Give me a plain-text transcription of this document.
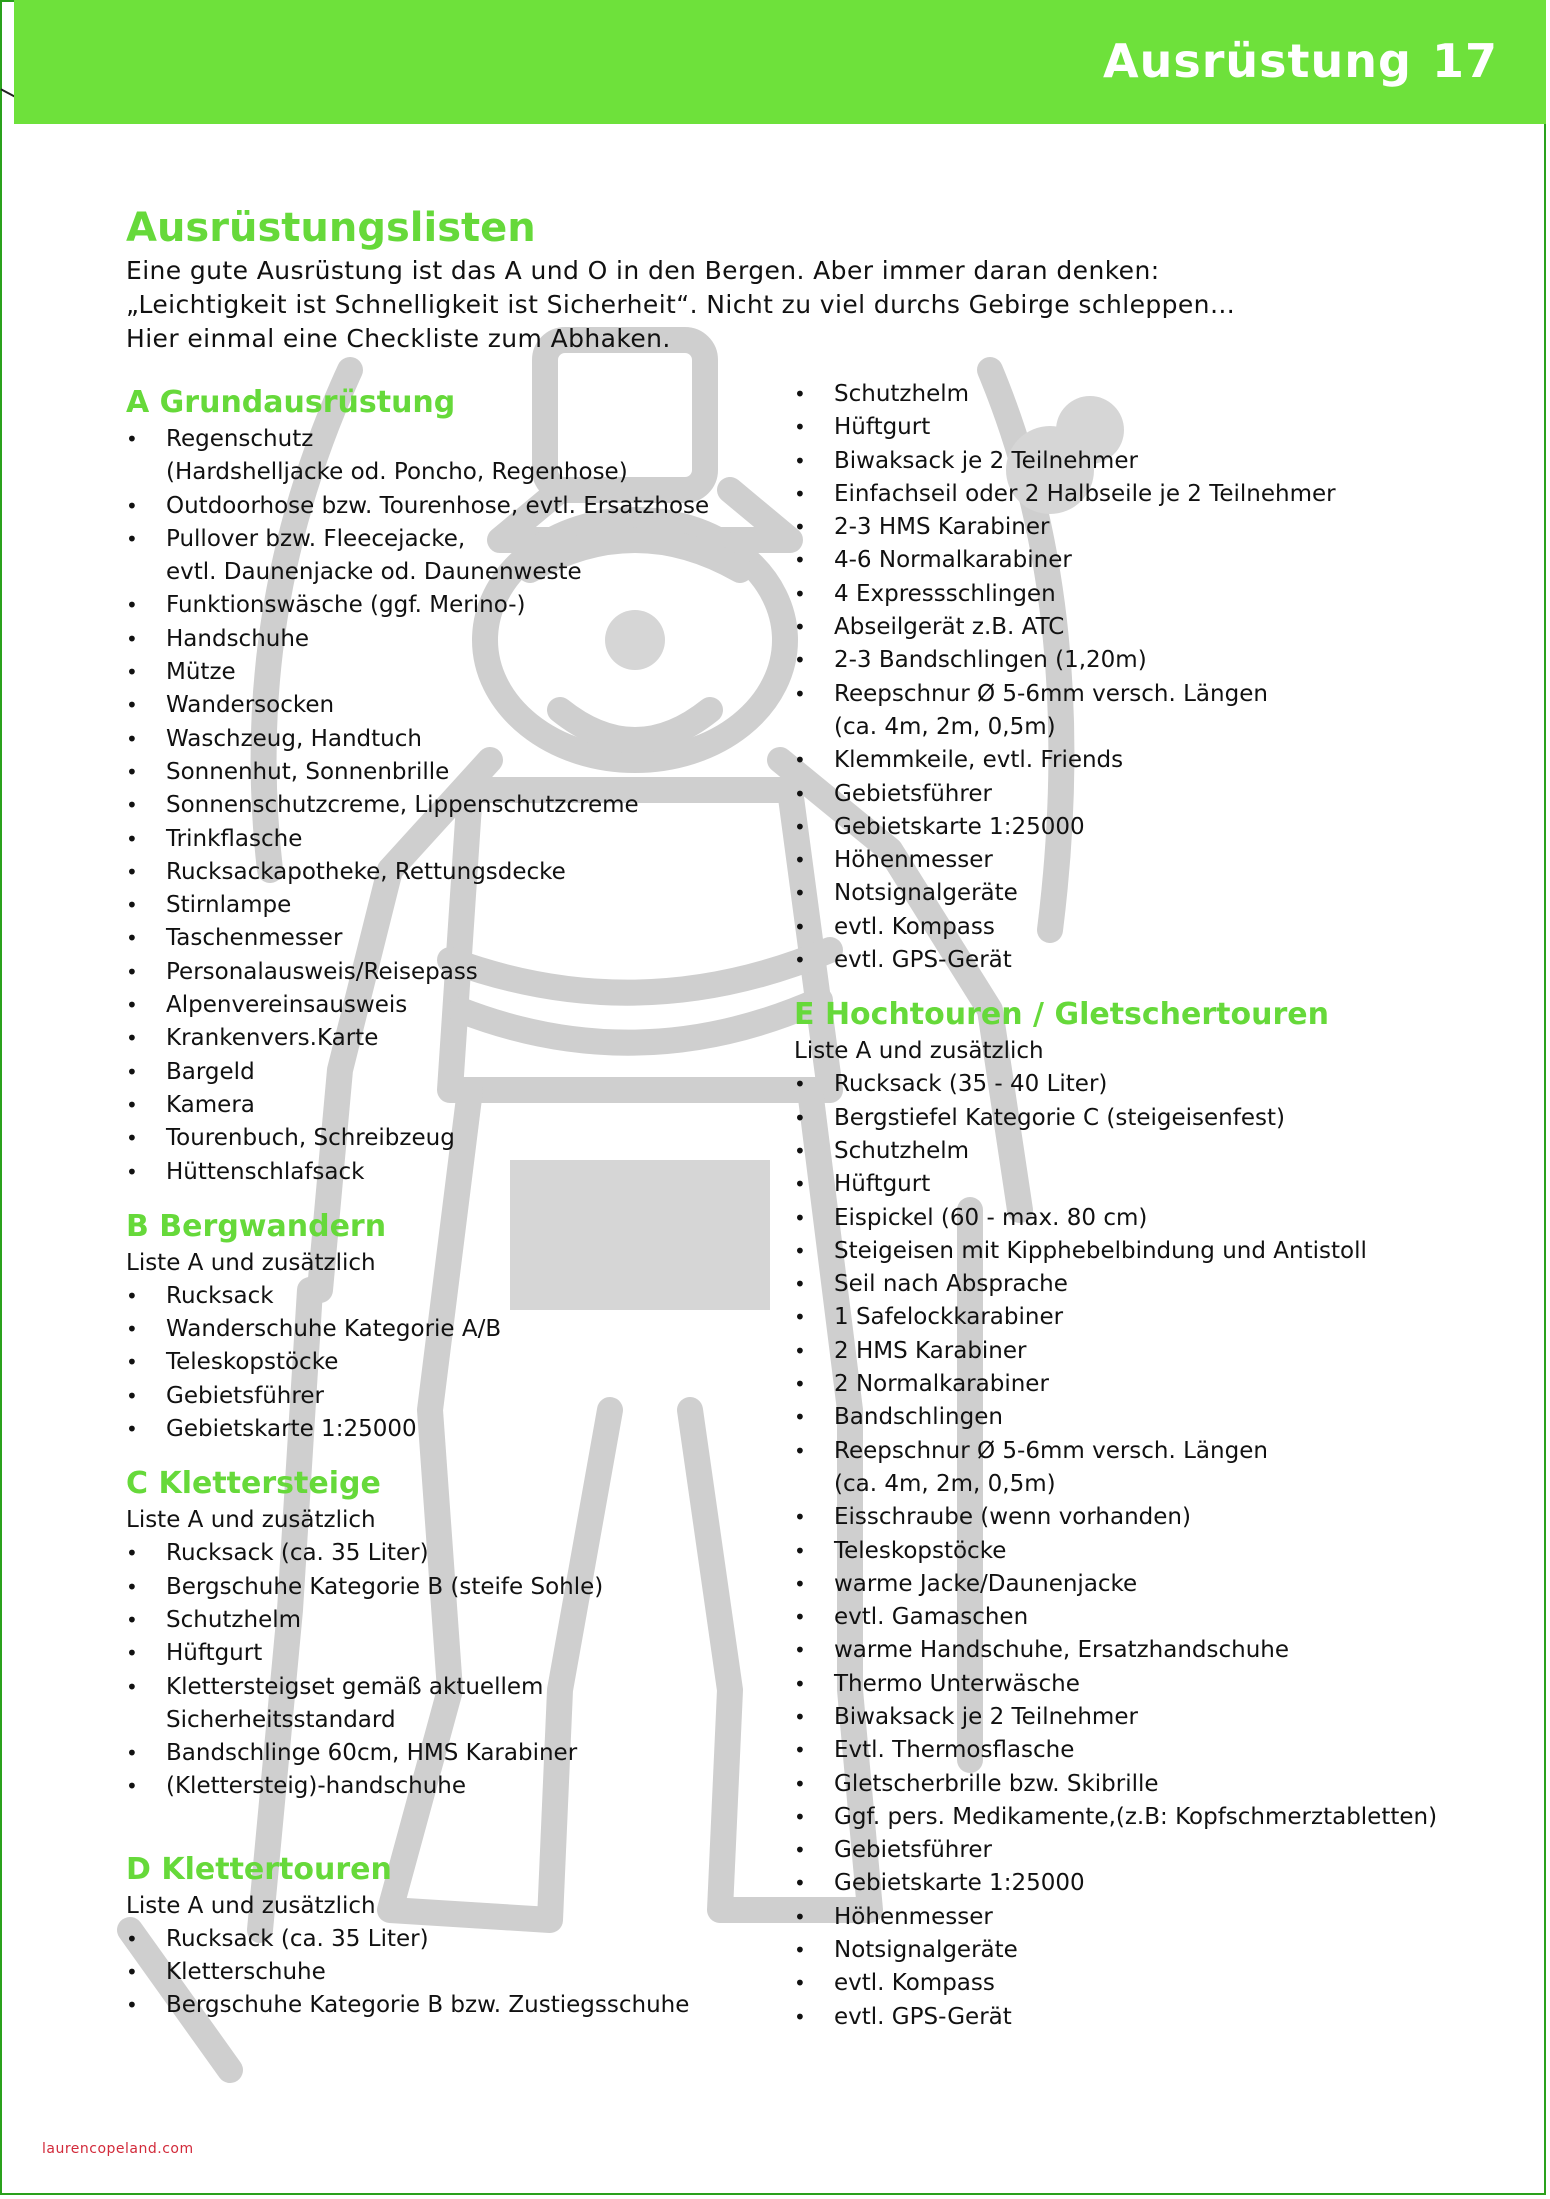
Ausrüstung 17
Ausrüstungslisten
Eine gute Ausrüstung ist das A und O in den Bergen. Aber immer daran denken:
„Leichtigkeit ist Schnelligkeit ist Sicherheit“. Nicht zu viel durchs Gebirge schleppen…
Hier einmal eine Checkliste zum Abhaken.
A Grundausrüstung
• Regenschutz
(Hardshelljacke od. Poncho, Regenhose)
• Outdoorhose bzw. Tourenhose, evtl. Ersatzhose
• Pullover bzw. Fleecejacke,
evtl. Daunenjacke od. Daunenweste
• Funktionswäsche (ggf. Merino-)
• Handschuhe
• Mütze
• Wandersocken
• Waschzeug, Handtuch
• Sonnenhut, Sonnenbrille
• Sonnenschutzcreme, Lippenschutzcreme
• Trinkflasche
• Rucksackapotheke, Rettungsdecke
• Stirnlampe
• Taschenmesser
• Personalausweis/Reisepass
• Alpenvereinsausweis
• Krankenvers.Karte
• Bargeld
• Kamera
• Tourenbuch, Schreibzeug
• Hüttenschlafsack
B Bergwandern
Liste A und zusätzlich
• Rucksack
• Wanderschuhe Kategorie A/B
• Teleskopstöcke
• Gebietsführer
• Gebietskarte 1:25000
C Klettersteige
Liste A und zusätzlich
• Rucksack (ca. 35 Liter)
• Bergschuhe Kategorie B (steife Sohle)
• Schutzhelm
• Hüftgurt
• Klettersteigset gemäß aktuellem
Sicherheitsstandard
• Bandschlinge 60cm, HMS Karabiner
• (Klettersteig)-handschuhe
D Klettertouren
Liste A und zusätzlich
• Rucksack (ca. 35 Liter)
• Kletterschuhe
• Bergschuhe Kategorie B bzw. Zustiegsschuhe
• Schutzhelm
• Hüftgurt
• Biwaksack je 2 Teilnehmer
• Einfachseil oder 2 Halbseile je 2 Teilnehmer
• 2-3 HMS Karabiner
• 4-6 Normalkarabiner
• 4 Expressschlingen
• Abseilgerät z.B. ATC
• 2-3 Bandschlingen (1,20m)
• Reepschnur Ø 5-6mm versch. Längen
(ca. 4m, 2m, 0,5m)
• Klemmkeile, evtl. Friends
• Gebietsführer
• Gebietskarte 1:25000
• Höhenmesser
• Notsignalgeräte
• evtl. Kompass
• evtl. GPS-Gerät
E Hochtouren / Gletschertouren
Liste A und zusätzlich
• Rucksack (35 - 40 Liter)
• Bergstiefel Kategorie C (steigeisenfest)
• Schutzhelm
• Hüftgurt
• Eispickel (60 - max. 80 cm)
• Steigeisen mit Kipphebelbindung und Antistoll
• Seil nach Absprache
• 1 Safelockkarabiner
• 2 HMS Karabiner
• 2 Normalkarabiner
• Bandschlingen
• Reepschnur Ø 5-6mm versch. Längen
(ca. 4m, 2m, 0,5m)
• Eisschraube (wenn vorhanden)
• Teleskopstöcke
• warme Jacke/Daunenjacke
• evtl. Gamaschen
• warme Handschuhe, Ersatzhandschuhe
• Thermo Unterwäsche
• Biwaksack je 2 Teilnehmer
• Evtl. Thermosflasche
• Gletscherbrille bzw. Skibrille
• Ggf. pers. Medikamente,(z.B: Kopfschmerztabletten)
• Gebietsführer
• Gebietskarte 1:25000
• Höhenmesser
• Notsignalgeräte
• evtl. Kompass
• evtl. GPS-Gerät
laurencopeland.com
